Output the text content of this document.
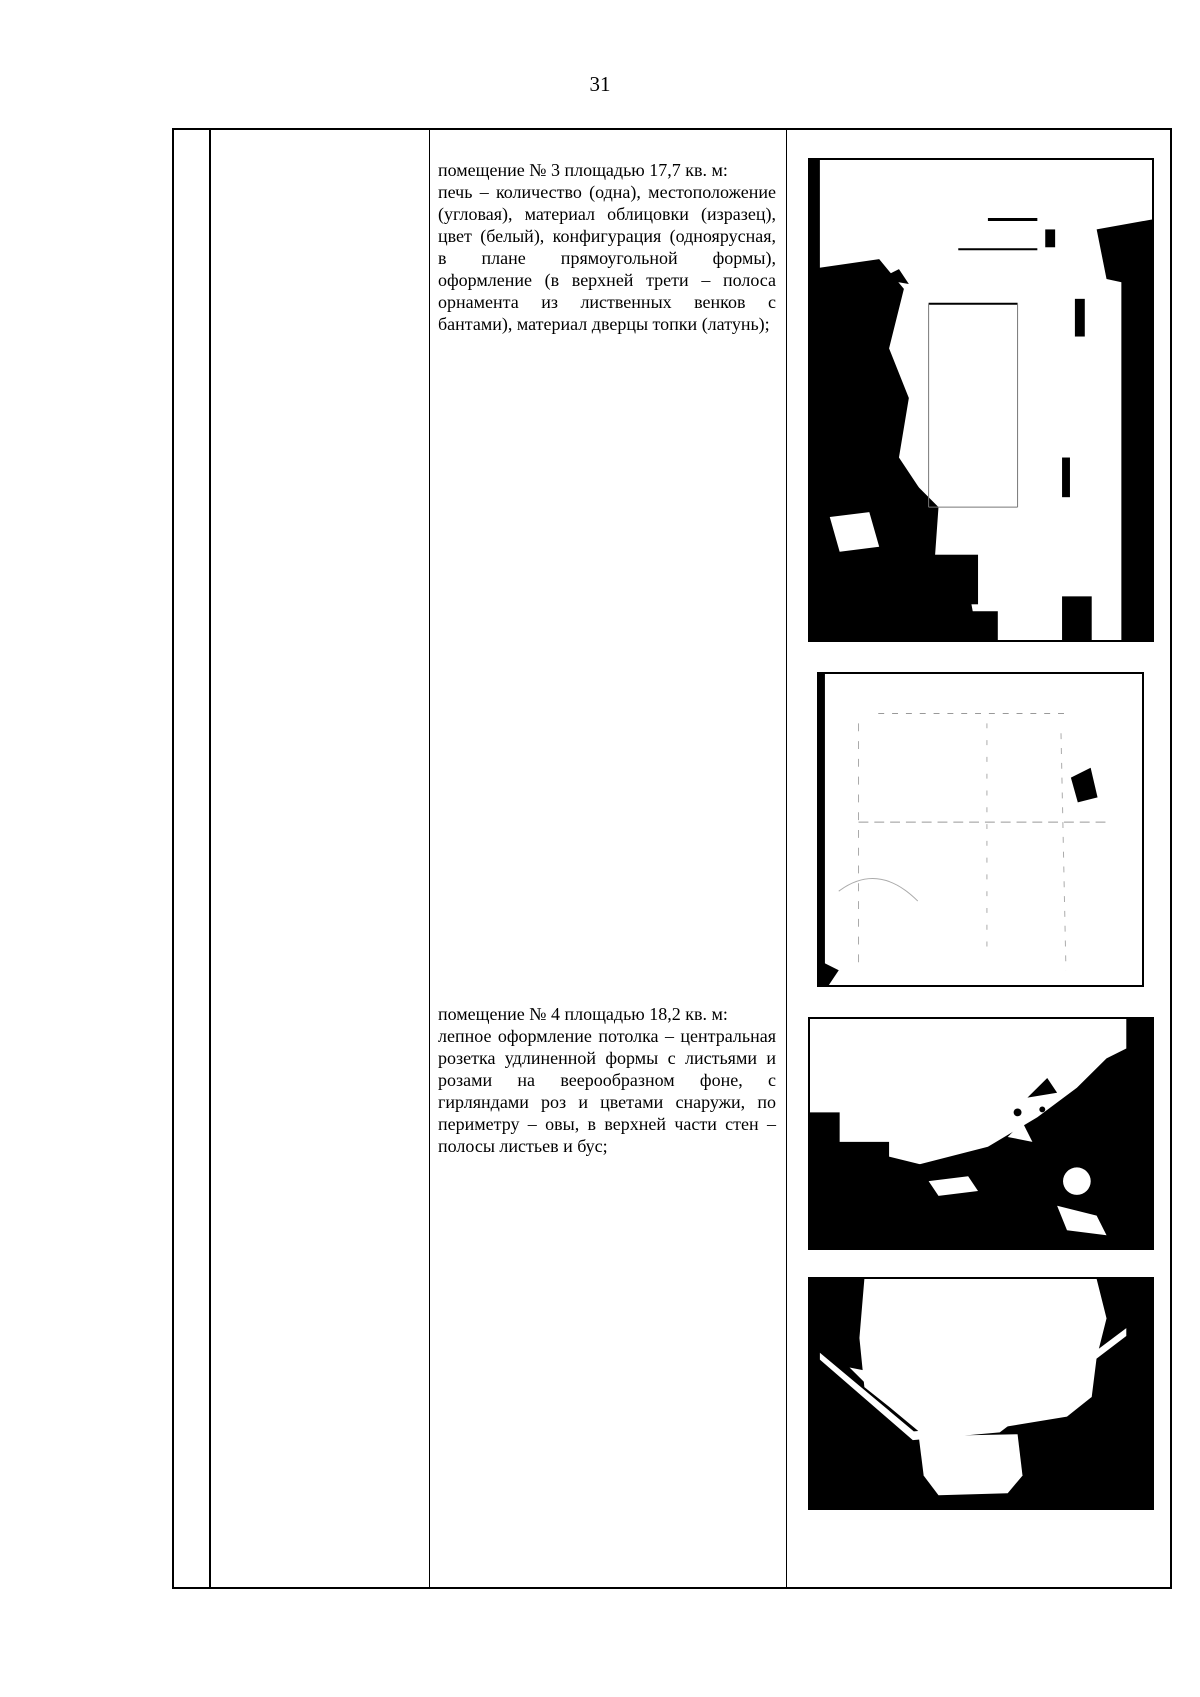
31

помещение № 3 площадью 17,7 кв. м:

печь – количество (одна), местоположение (угловая), материал облицовки (изразец), цвет (белый), конфигурация (одноярусная, в плане прямоугольной формы), оформление (в верхней трети – полоса орнамента из лиственных венков с бантами), материал дверцы топки (латунь);

помещение № 4 площадью 18,2 кв. м:

лепное оформление потолка – центральная розетка удлиненной формы с листьями и розами на веерообразном фоне, с гирляндами роз и цветами снаружи, по периметру – овы, в верхней части стен – полосы листьев и бус;
